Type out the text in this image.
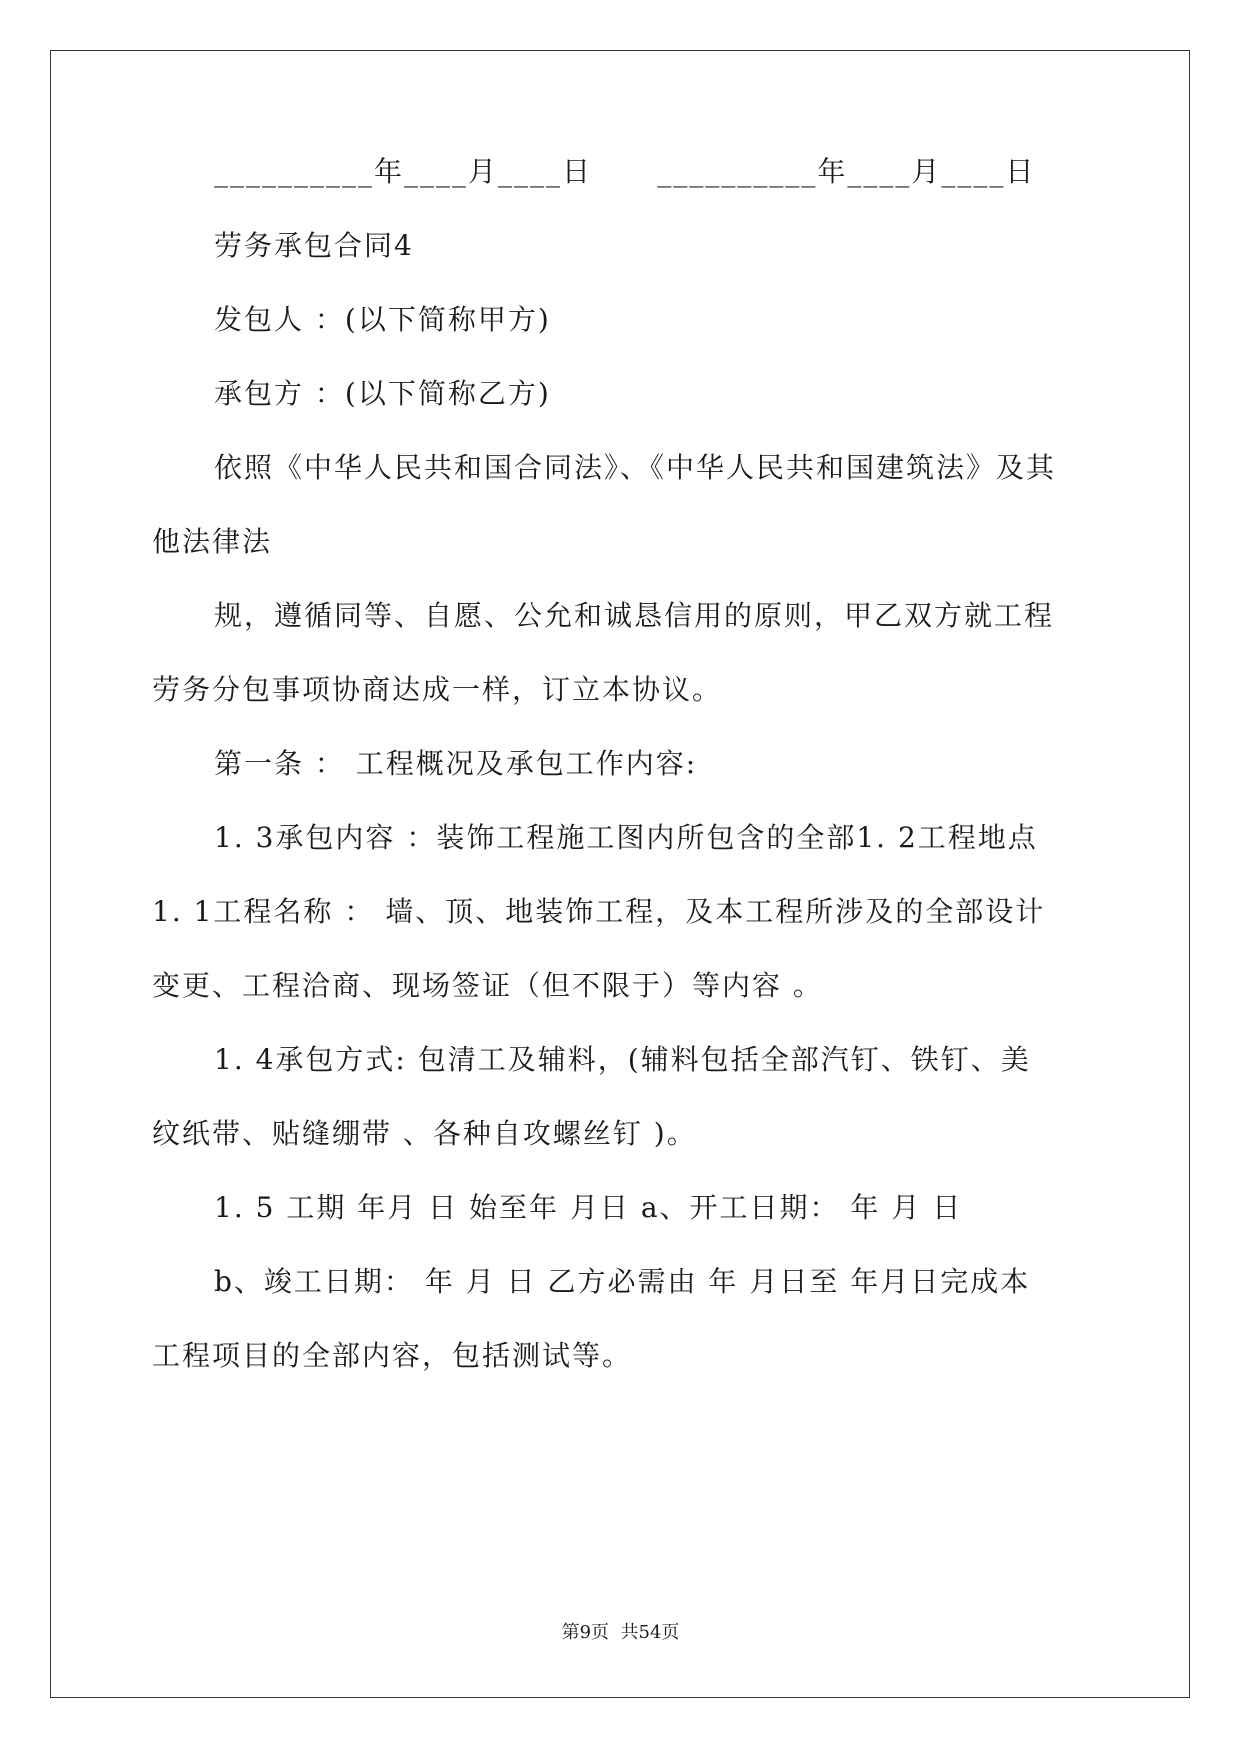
__________年____月____日      __________年____月____日
劳务承包合同4
发包人 ：(以下简称甲方)
承包方 ：(以下简称乙方)
依照《中华人民共和国合同法》、《中华人民共和国建筑法》及其
他法律法
规，遵循同等、自愿、公允和诚恳信用的原则，甲乙双方就工程
劳务分包事项协商达成一样，订立本协议。
第一条 ： 工程概况及承包工作内容:
1. 3承包内容 ：装饰工程施工图内所包含的全部1. 2工程地点
1. 1工程名称 ： 墙、顶、地装饰工程，及本工程所涉及的全部设计
变更、工程洽商、现场签证（但不限于）等内容 。
1. 4承包方式: 包清工及辅料，(辅料包括全部汽钉、铁钉、美
纹纸带、贴缝绷带 、各种自攻螺丝钉 )。
1. 5 工期 年月 日 始至年 月日 a、开工日期： 年 月 日
b、竣工日期： 年 月 日 乙方必需由 年 月日至 年月日完成本
工程项目的全部内容，包括测试等。
第9页  共54页
